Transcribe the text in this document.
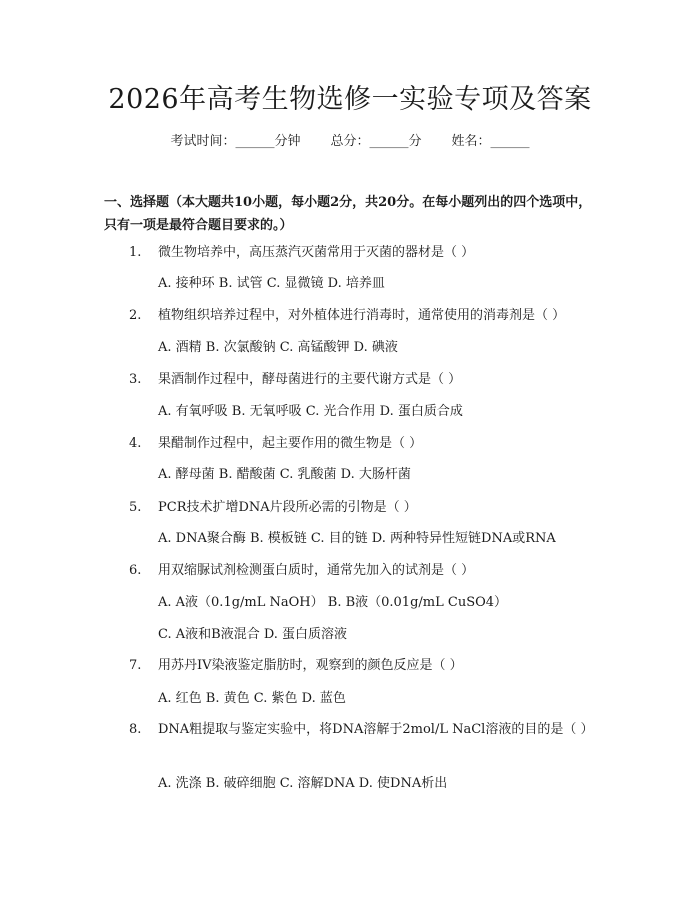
2026年高考生物选修一实验专项及答案
考试时间：______分钟 总分：______分 姓名：______
一、选择题（本大题共10小题，每小题2分，共20分。在每小题列出的四个选项中，只有一项是最符合题目要求的。）
1. 微生物培养中，高压蒸汽灭菌常用于灭菌的器材是（ ）
A. 接种环 B. 试管 C. 显微镜 D. 培养皿
2. 植物组织培养过程中，对外植体进行消毒时，通常使用的消毒剂是（ ）
A. 酒精 B. 次氯酸钠 C. 高锰酸钾 D. 碘液
3. 果酒制作过程中，酵母菌进行的主要代谢方式是（ ）
A. 有氧呼吸 B. 无氧呼吸 C. 光合作用 D. 蛋白质合成
4. 果醋制作过程中，起主要作用的微生物是（ ）
A. 酵母菌 B. 醋酸菌 C. 乳酸菌 D. 大肠杆菌
5. PCR技术扩增DNA片段所必需的引物是（ ）
A. DNA聚合酶 B. 模板链 C. 目的链 D. 两种特异性短链DNA或RNA
6. 用双缩脲试剂检测蛋白质时，通常先加入的试剂是（ ）
A. A液（0.1g/mL NaOH） B. B液（0.01g/mL CuSO4）
C. A液和B液混合 D. 蛋白质溶液
7. 用苏丹IV染液鉴定脂肪时，观察到的颜色反应是（ ）
A. 红色 B. 黄色 C. 紫色 D. 蓝色
8.	DNA粗提取与鉴定实验中，将DNA溶解于2mol/L NaCl溶液的目的是（ ）
A. 洗涤 B. 破碎细胞 C. 溶解DNA D. 使DNA析出
